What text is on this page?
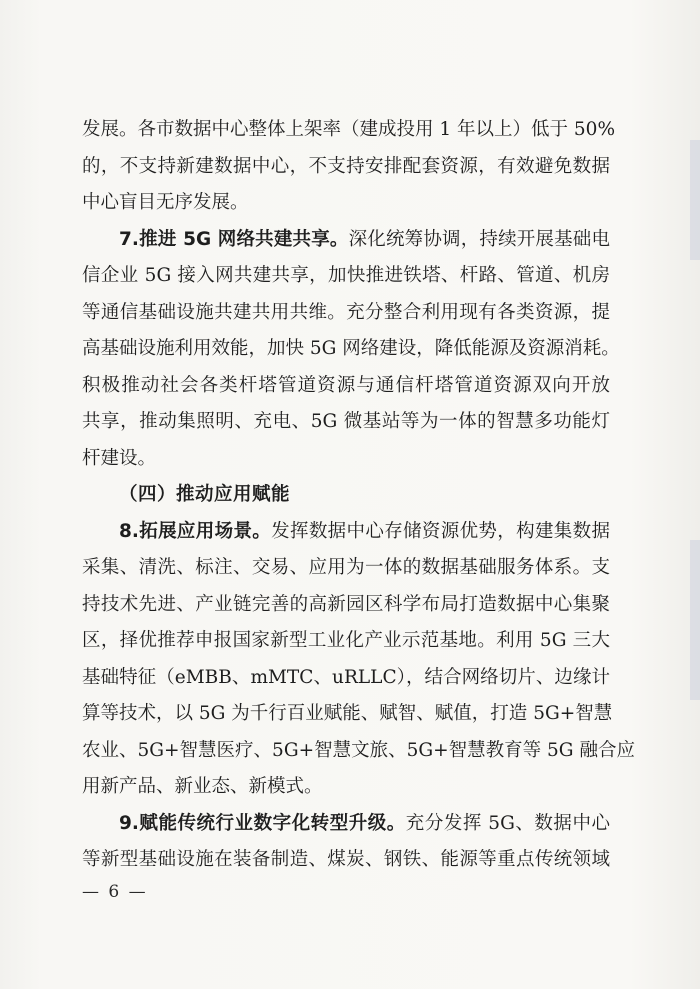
发展。各市数据中心整体上架率（建成投用 1 年以上）低于 50%
的，不支持新建数据中心，不支持安排配套资源，有效避免数据
中心盲目无序发展。
7.推进 5G 网络共建共享。深化统筹协调，持续开展基础电
信企业 5G 接入网共建共享，加快推进铁塔、杆路、管道、机房
等通信基础设施共建共用共维。充分整合利用现有各类资源，提
高基础设施利用效能，加快 5G 网络建设，降低能源及资源消耗。
积极推动社会各类杆塔管道资源与通信杆塔管道资源双向开放
共享，推动集照明、充电、5G 微基站等为一体的智慧多功能灯
杆建设。
（四）推动应用赋能
8.拓展应用场景。发挥数据中心存储资源优势，构建集数据
采集、清洗、标注、交易、应用为一体的数据基础服务体系。支
持技术先进、产业链完善的高新园区科学布局打造数据中心集聚
区，择优推荐申报国家新型工业化产业示范基地。利用 5G 三大
基础特征（eMBB、mMTC、uRLLC），结合网络切片、边缘计
算等技术，以 5G 为千行百业赋能、赋智、赋值，打造 5G+智慧
农业、5G+智慧医疗、5G+智慧文旅、5G+智慧教育等 5G 融合应
用新产品、新业态、新模式。
9.赋能传统行业数字化转型升级。充分发挥 5G、数据中心
等新型基础设施在装备制造、煤炭、钢铁、能源等重点传统领域
— 6 —
